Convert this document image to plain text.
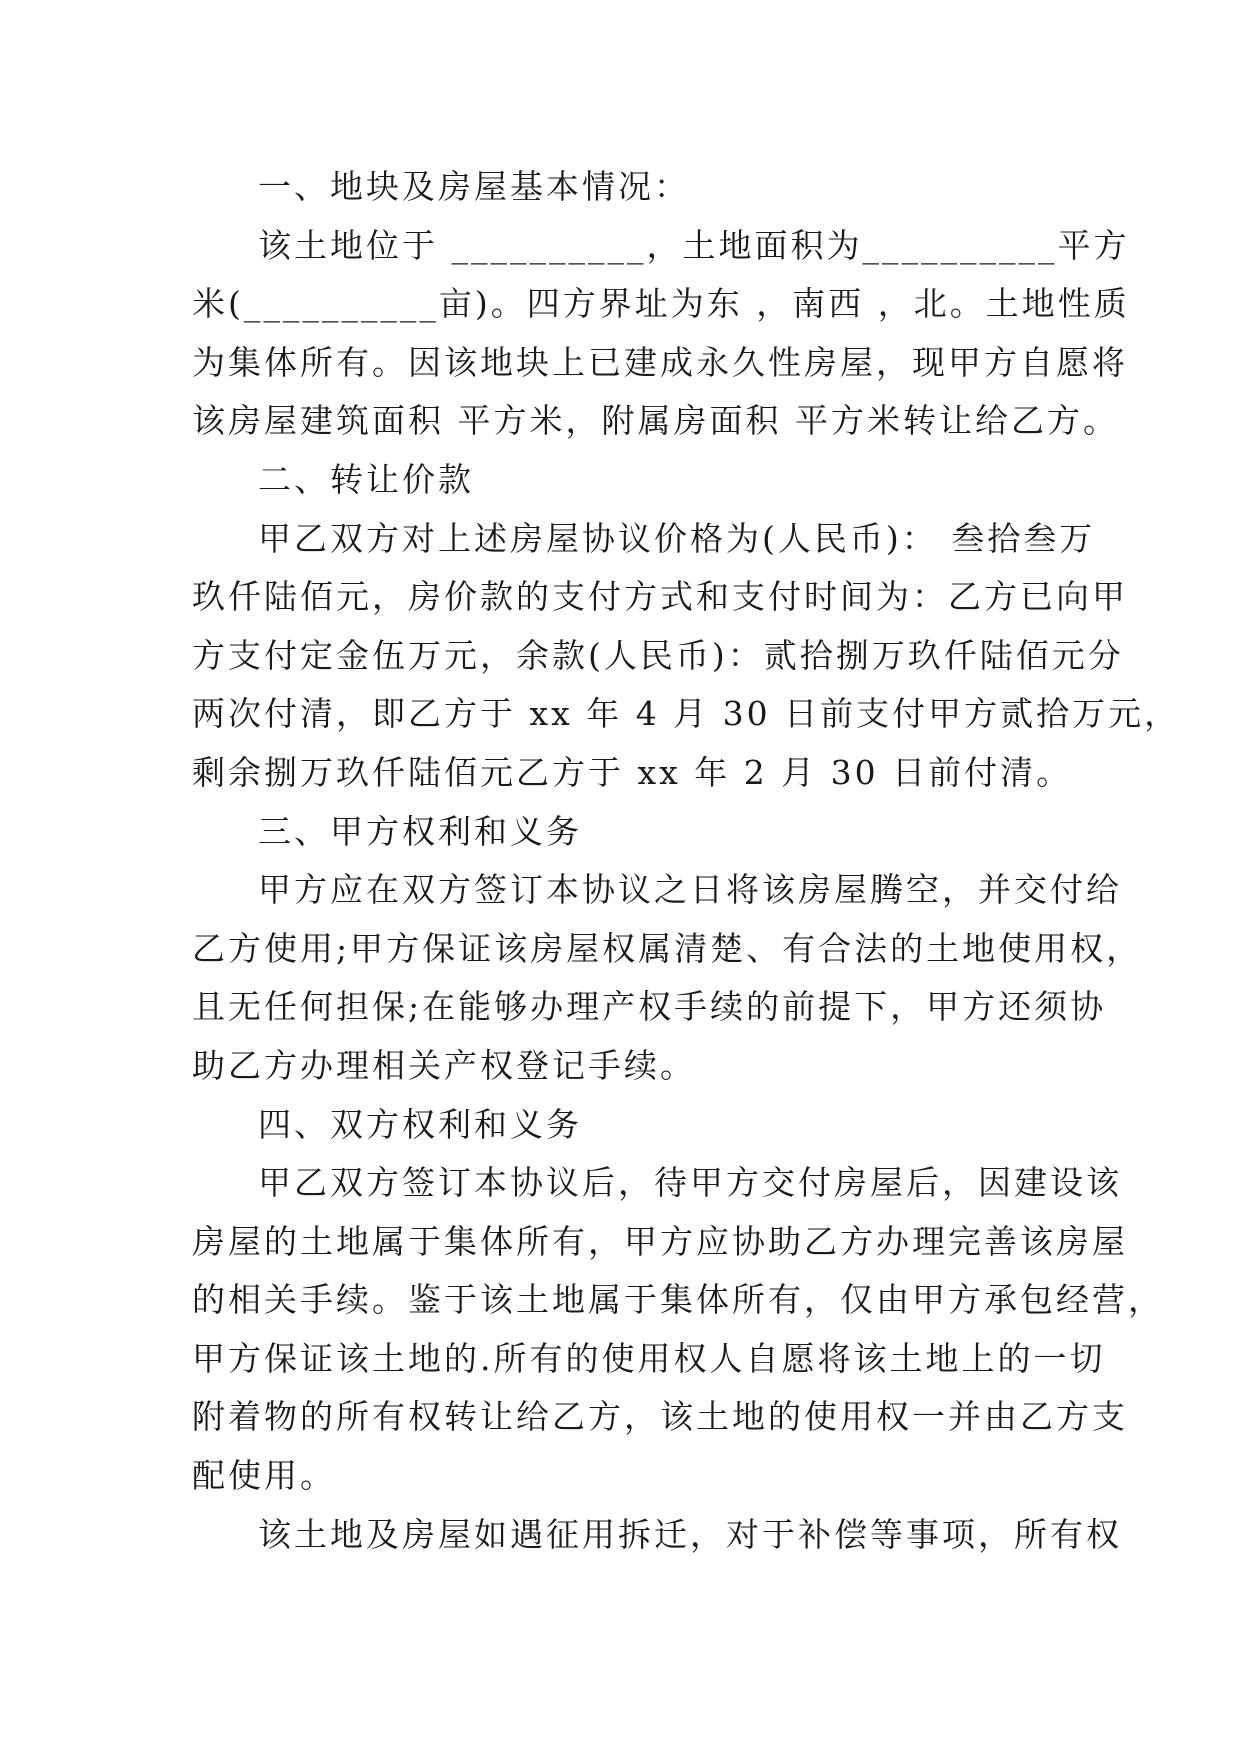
一、地块及房屋基本情况：
该土地位于 __________，土地面积为__________平方
米(__________亩)。四方界址为东 ，南西 ，北。土地性质
为集体所有。因该地块上已建成永久性房屋，现甲方自愿将
该房屋建筑面积 平方米，附属房面积 平方米转让给乙方。
二、转让价款
甲乙双方对上述房屋协议价格为(人民币)： 叁拾叁万
玖仟陆佰元，房价款的支付方式和支付时间为：乙方已向甲
方支付定金伍万元，余款(人民币)：贰拾捌万玖仟陆佰元分
两次付清，即乙方于 xx 年 4 月 30 日前支付甲方贰拾万元，
剩余捌万玖仟陆佰元乙方于 xx 年 2 月 30 日前付清。
三、甲方权利和义务
甲方应在双方签订本协议之日将该房屋腾空，并交付给
乙方使用;甲方保证该房屋权属清楚、有合法的土地使用权，
且无任何担保;在能够办理产权手续的前提下，甲方还须协
助乙方办理相关产权登记手续。
四、双方权利和义务
甲乙双方签订本协议后，待甲方交付房屋后，因建设该
房屋的土地属于集体所有，甲方应协助乙方办理完善该房屋
的相关手续。鉴于该土地属于集体所有，仅由甲方承包经营，
甲方保证该土地的.所有的使用权人自愿将该土地上的一切
附着物的所有权转让给乙方，该土地的使用权一并由乙方支
配使用。
该土地及房屋如遇征用拆迁，对于补偿等事项，所有权
